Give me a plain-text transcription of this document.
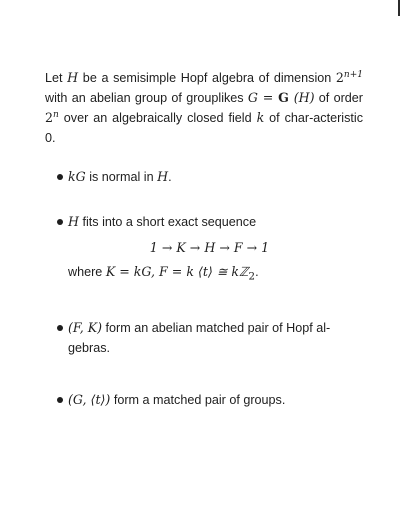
Let H be a semisimple Hopf algebra of dimension $2^{n+1}$ with an abelian group of grouplikes G = G (H) of order 2$^n$ over an algebraically closed field k of char-acteristic 0.

kG is normal in H.
H fits into a short exact sequence
1 → K → H → F → 1
where K = kG, F = k ⟨t⟩ ≅ kℤ$_2$.
(F, K) form an abelian matched pair of Hopf al-gebras.
(G, ⟨t⟩) form a matched pair of groups.
